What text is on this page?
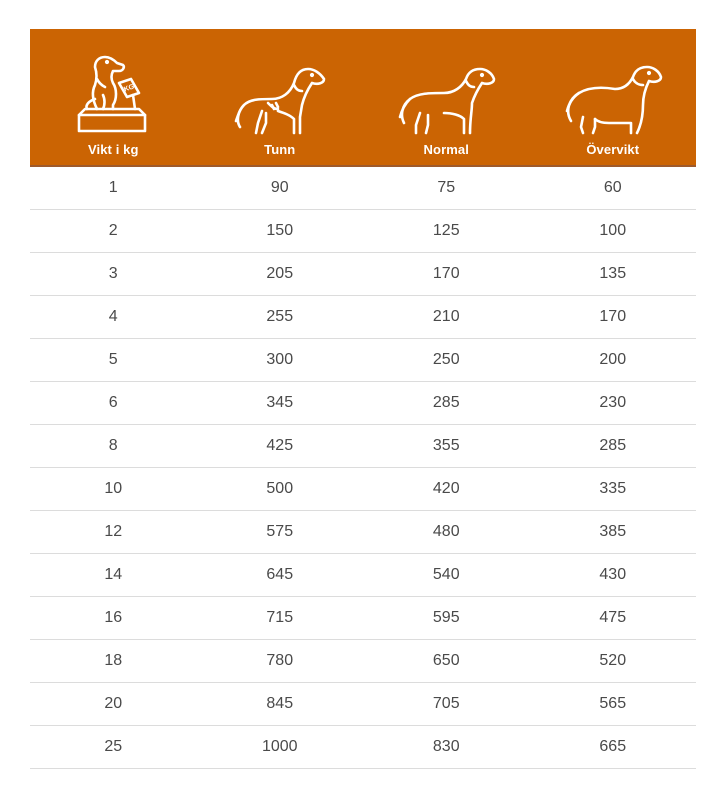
KG
Vikt i kg	Tunn	Normal	Övervikt
1	90	75	60
2	150	125	100
3	205	170	135
4	255	210	170
5	300	250	200
6	345	285	230
8	425	355	285
10	500	420	335
12	575	480	385
14	645	540	430
16	715	595	475
18	780	650	520
20	845	705	565
25	1000	830	665
